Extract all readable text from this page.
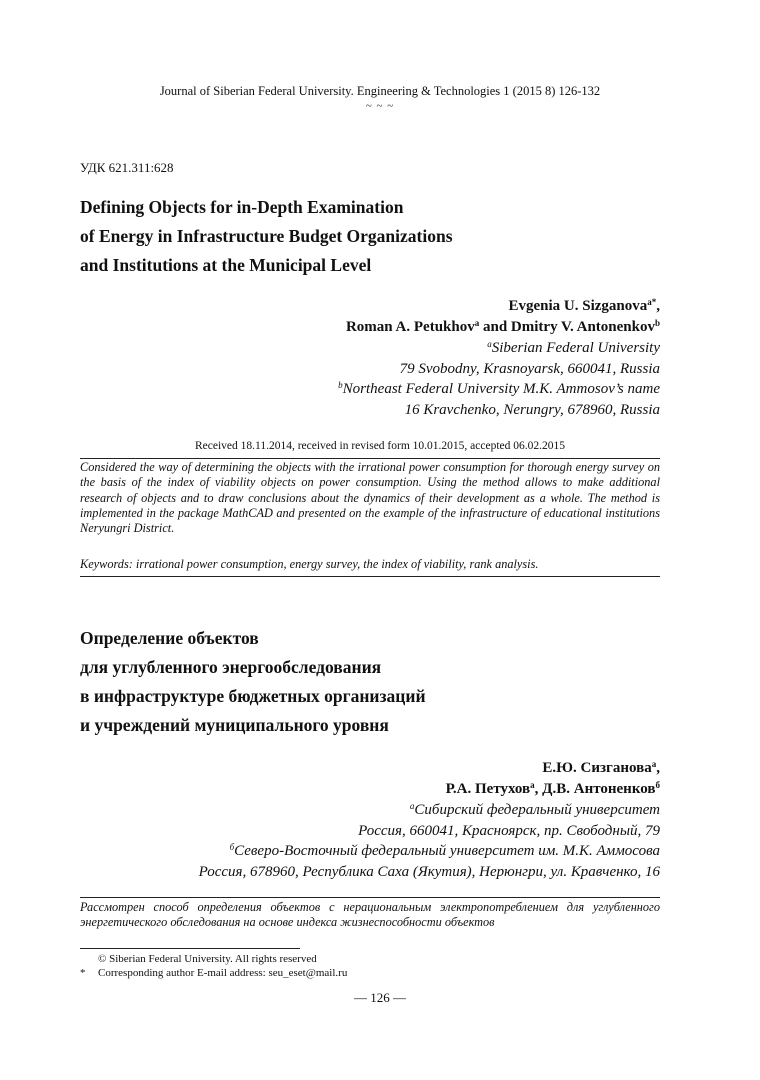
Journal of Siberian Federal University. Engineering & Technologies 1 (2015 8) 126-132
~ ~ ~
УДК 621.311:628
Defining Objects for in-Depth Examination
of Energy in Infrastructure Budget Organizations
and Institutions at the Municipal Level
Evgenia U. Sizganova$^{a*}$,
Roman A. Petukhov$^a$ and Dmitry V. Antonenkov$^b$
$^a$Siberian Federal University
79 Svobodny, Krasnoyarsk, 660041, Russia
$^b$Northeast Federal University M.K. Ammosov’s name
16 Kravchenko, Nerungry, 678960, Russia
Received 18.11.2014, received in revised form 10.01.2015, accepted 06.02.2015
Considered the way of determining the objects with the irrational power consumption for thorough energy survey on the basis of the index of viability objects on power consumption. Using the method allows to make additional research of objects and to draw conclusions about the dynamics of their development as a whole. The method is implemented in the package MathCAD and presented on the example of the infrastructure of educational institutions Neryungri District.
Keywords: irrational power consumption, energy survey, the index of viability, rank analysis.
Определение объектов
для углубленного энергообследования
в инфраструктуре бюджетных организаций
и учреждений муниципального уровня
Е.Ю. Сизганова$^а$,
Р.А. Петухов$^а$, Д.В. Антоненков$^б$
$^а$Сибирский федеральный университет
Россия, 660041, Красноярск, пр. Свободный, 79
$^б$Северо-Восточный федеральный университет им. М.К. Аммосова
Россия, 678960, Республика Саха (Якутия), Нерюнгри, ул. Кравченко, 16
Рассмотрен способ определения объектов с нерациональным электропотреблением для углубленного энергетического обследования на основе индекса жизнеспособности объектов
© Siberian Federal University. All rights reserved
* Corresponding author E-mail address: seu_eset@mail.ru
— 126 —
